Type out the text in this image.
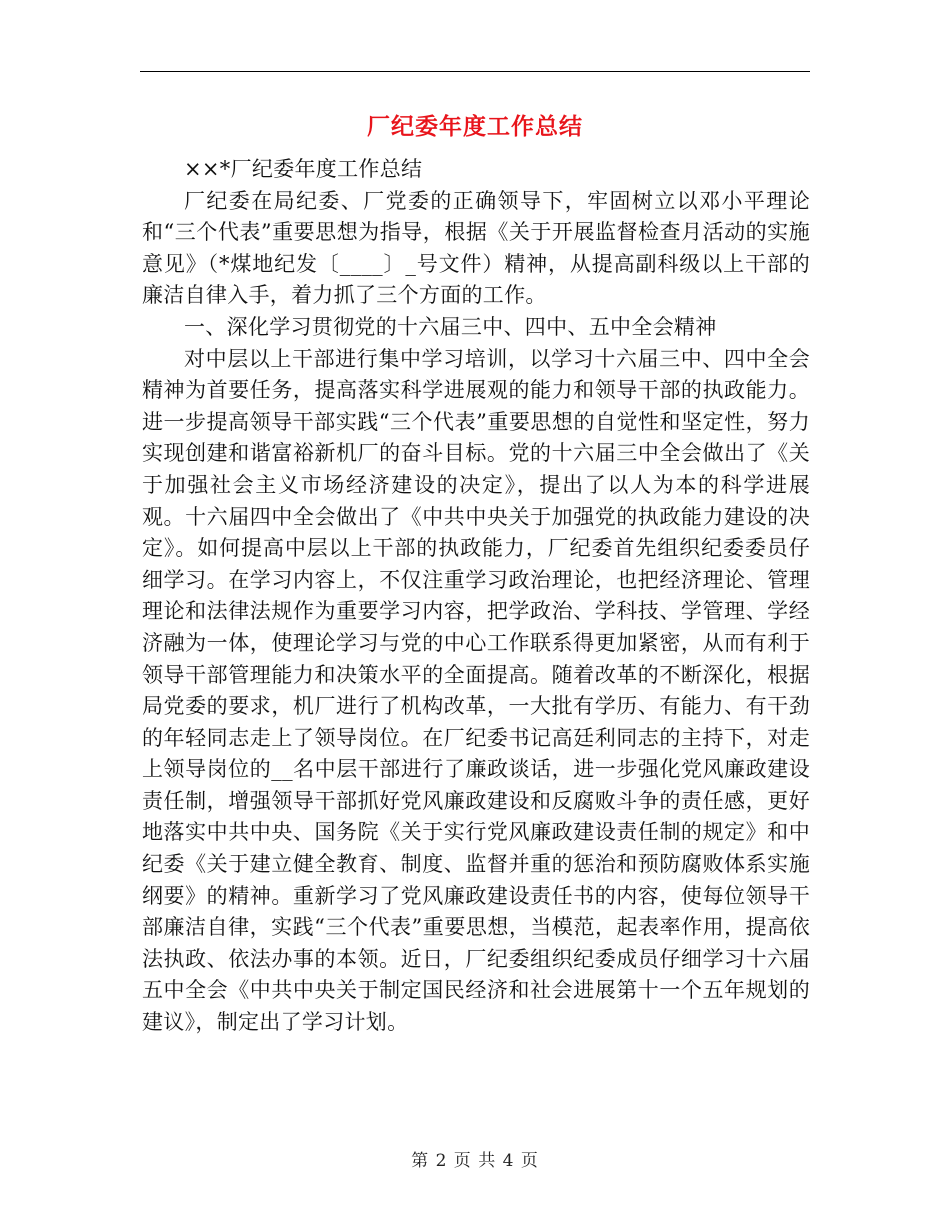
厂纪委年度工作总结

××*厂纪委年度工作总结

厂纪委在局纪委、厂党委的正确领导下，牢固树立以邓小平理论和“三个代表”重要思想为指导，根据《关于开展监督检查月活动的实施意见》（*煤地纪发〔____〕_号文件）精神，从提高副科级以上干部的廉洁自律入手，着力抓了三个方面的工作。

一、深化学习贯彻党的十六届三中、四中、五中全会精神

对中层以上干部进行集中学习培训，以学习十六届三中、四中全会精神为首要任务，提高落实科学进展观的能力和领导干部的执政能力。进一步提高领导干部实践“三个代表”重要思想的自觉性和坚定性，努力实现创建和谐富裕新机厂的奋斗目标。党的十六届三中全会做出了《关于加强社会主义市场经济建设的决定》，提出了以人为本的科学进展观。十六届四中全会做出了《中共中央关于加强党的执政能力建设的决定》。如何提高中层以上干部的执政能力，厂纪委首先组织纪委委员仔细学习。在学习内容上，不仅注重学习政治理论，也把经济理论、管理理论和法律法规作为重要学习内容，把学政治、学科技、学管理、学经济融为一体，使理论学习与党的中心工作联系得更加紧密，从而有利于领导干部管理能力和决策水平的全面提高。随着改革的不断深化，根据局党委的要求，机厂进行了机构改革，一大批有学历、有能力、有干劲的年轻同志走上了领导岗位。在厂纪委书记高廷利同志的主持下，对走上领导岗位的__名中层干部进行了廉政谈话，进一步强化党风廉政建设责任制，增强领导干部抓好党风廉政建设和反腐败斗争的责任感，更好地落实中共中央、国务院《关于实行党风廉政建设责任制的规定》和中纪委《关于建立健全教育、制度、监督并重的惩治和预防腐败体系实施纲要》的精神。重新学习了党风廉政建设责任书的内容，使每位领导干部廉洁自律，实践“三个代表”重要思想，当模范，起表率作用，提高依法执政、依法办事的本领。近日，厂纪委组织纪委成员仔细学习十六届五中全会《中共中央关于制定国民经济和社会进展第十一个五年规划的建议》，制定出了学习计划。

第 2 页 共 4 页
